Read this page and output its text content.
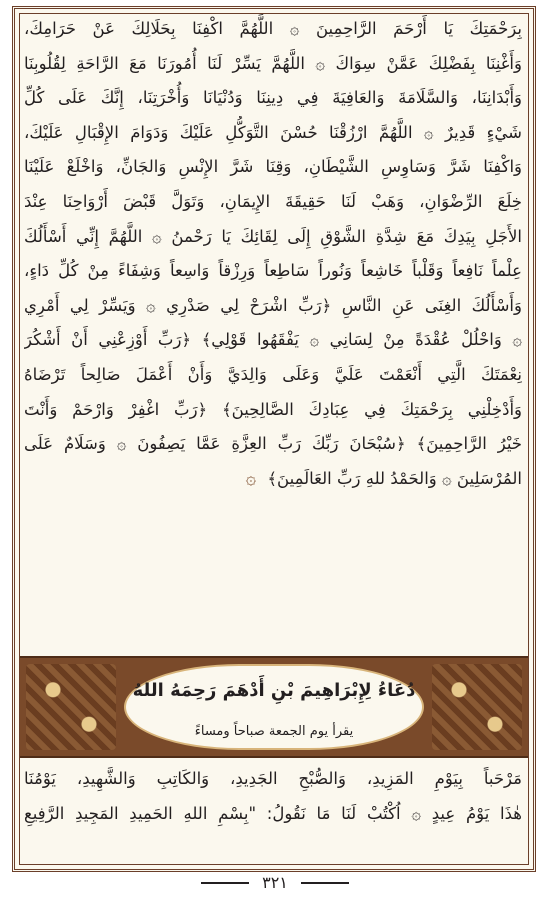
بِرَحْمَتِكَ يَا أَرْحَمَ الرَّاحِمِينَ ۞ اللَّهُمَّ اكْفِنَا بِحَلَالِكَ عَنْ حَرَامِكَ،
وَأَغْنِنَا بِفَضْلِكَ عَمَّنْ سِوَاكَ ۞ اللَّهُمَّ يَسِّرْ لَنَا أُمُورَنَا مَعَ الرَّاحَةِ لِقُلُوبِنَا
وَأَبْدَانِنَا، وَالسَّلَامَةَ وَالعَافِيَةَ فِي دِينِنَا وَدُنْيَانَا وَأُخْرَتِنَا، إِنَّكَ عَلَى كُلِّ
شَيْءٍ قَدِيرٌ ۞ اللَّهُمَّ ارْزُقْنَا حُسْنَ التَّوَكُّلِ عَلَيْكَ وَدَوَامَ الإِقْبَالِ عَلَيْكَ،
وَاكْفِنَا شَرَّ وَسَاوِسِ الشَّيْطَانِ، وَقِنَا شَرَّ الإِنْسِ وَالجَانِّ، وَاخْلَعْ عَلَيْنَا
خِلَعَ الرِّضْوَانِ، وَهَبْ لَنَا حَقِيقَةَ الإِيمَانِ، وَتَوَلَّ قَبْضَ أَرْوَاحِنَا عِنْدَ
الأَجَلِ بِيَدِكَ مَعَ شِدَّةِ الشَّوْقِ إِلَى لِقَائِكَ يَا رَحْمنُ ۞ اللَّهُمَّ إِنِّي أَسْأَلُكَ
عِلْماً نَافِعاً وَقَلْباً خَاشِعاً وَنُوراً سَاطِعاً وَرِزْقاً وَاسِعاً وَشِفَاءً مِنْ كُلِّ دَاءٍ،
وَأَسْأَلُكَ الغِنَى عَنِ النَّاسِ ﴿رَبِّ اشْرَحْ لِي صَدْرِي ۞ وَيَسِّرْ لِي أَمْرِي
۞ وَاحْلُلْ عُقْدَةً مِنْ لِسَانِي ۞ يَفْقَهُوا قَوْلِي﴾ ﴿رَبِّ أَوْزِعْنِي أَنْ أَشْكُرَ
نِعْمَتَكَ الَّتِي أَنْعَمْتَ عَلَيَّ وَعَلَى وَالِدَيَّ وَأَنْ أَعْمَلَ صَالِحاً تَرْضَاهُ
وَأَدْخِلْنِي بِرَحْمَتِكَ فِي عِبَادِكَ الصَّالِحِينَ﴾ ﴿رَبِّ اغْفِرْ وَارْحَمْ وَأَنْتَ
خَيْرُ الرَّاحِمِينَ﴾ ﴿سُبْحَانَ رَبِّكَ رَبِّ العِزَّةِ عَمَّا يَصِفُونَ ۞ وَسَلَامٌ عَلَى
المُرْسَلِينَ ۞ وَالحَمْدُ للهِ رَبِّ العَالَمِينَ﴾ ۞
دُعَاءُ لِإِبْرَاهِيمَ بْنِ أَدْهَمَ رَحِمَهُ اللهُ
يقرأ يوم الجمعة صباحاً ومساءً
مَرْحَباً بِيَوْمِ المَزِيدِ، وَالصُّبْحِ الجَدِيدِ، وَالكَاتِبِ وَالشَّهِيدِ، يَوْمُنَا
هٰذَا يَوْمُ عِيدٍ ۞ اُكْتُبْ لَنَا مَا نَقُولُ: "بِسْمِ اللهِ الحَمِيدِ المَجِيدِ الرَّفِيعِ
٣٢١
